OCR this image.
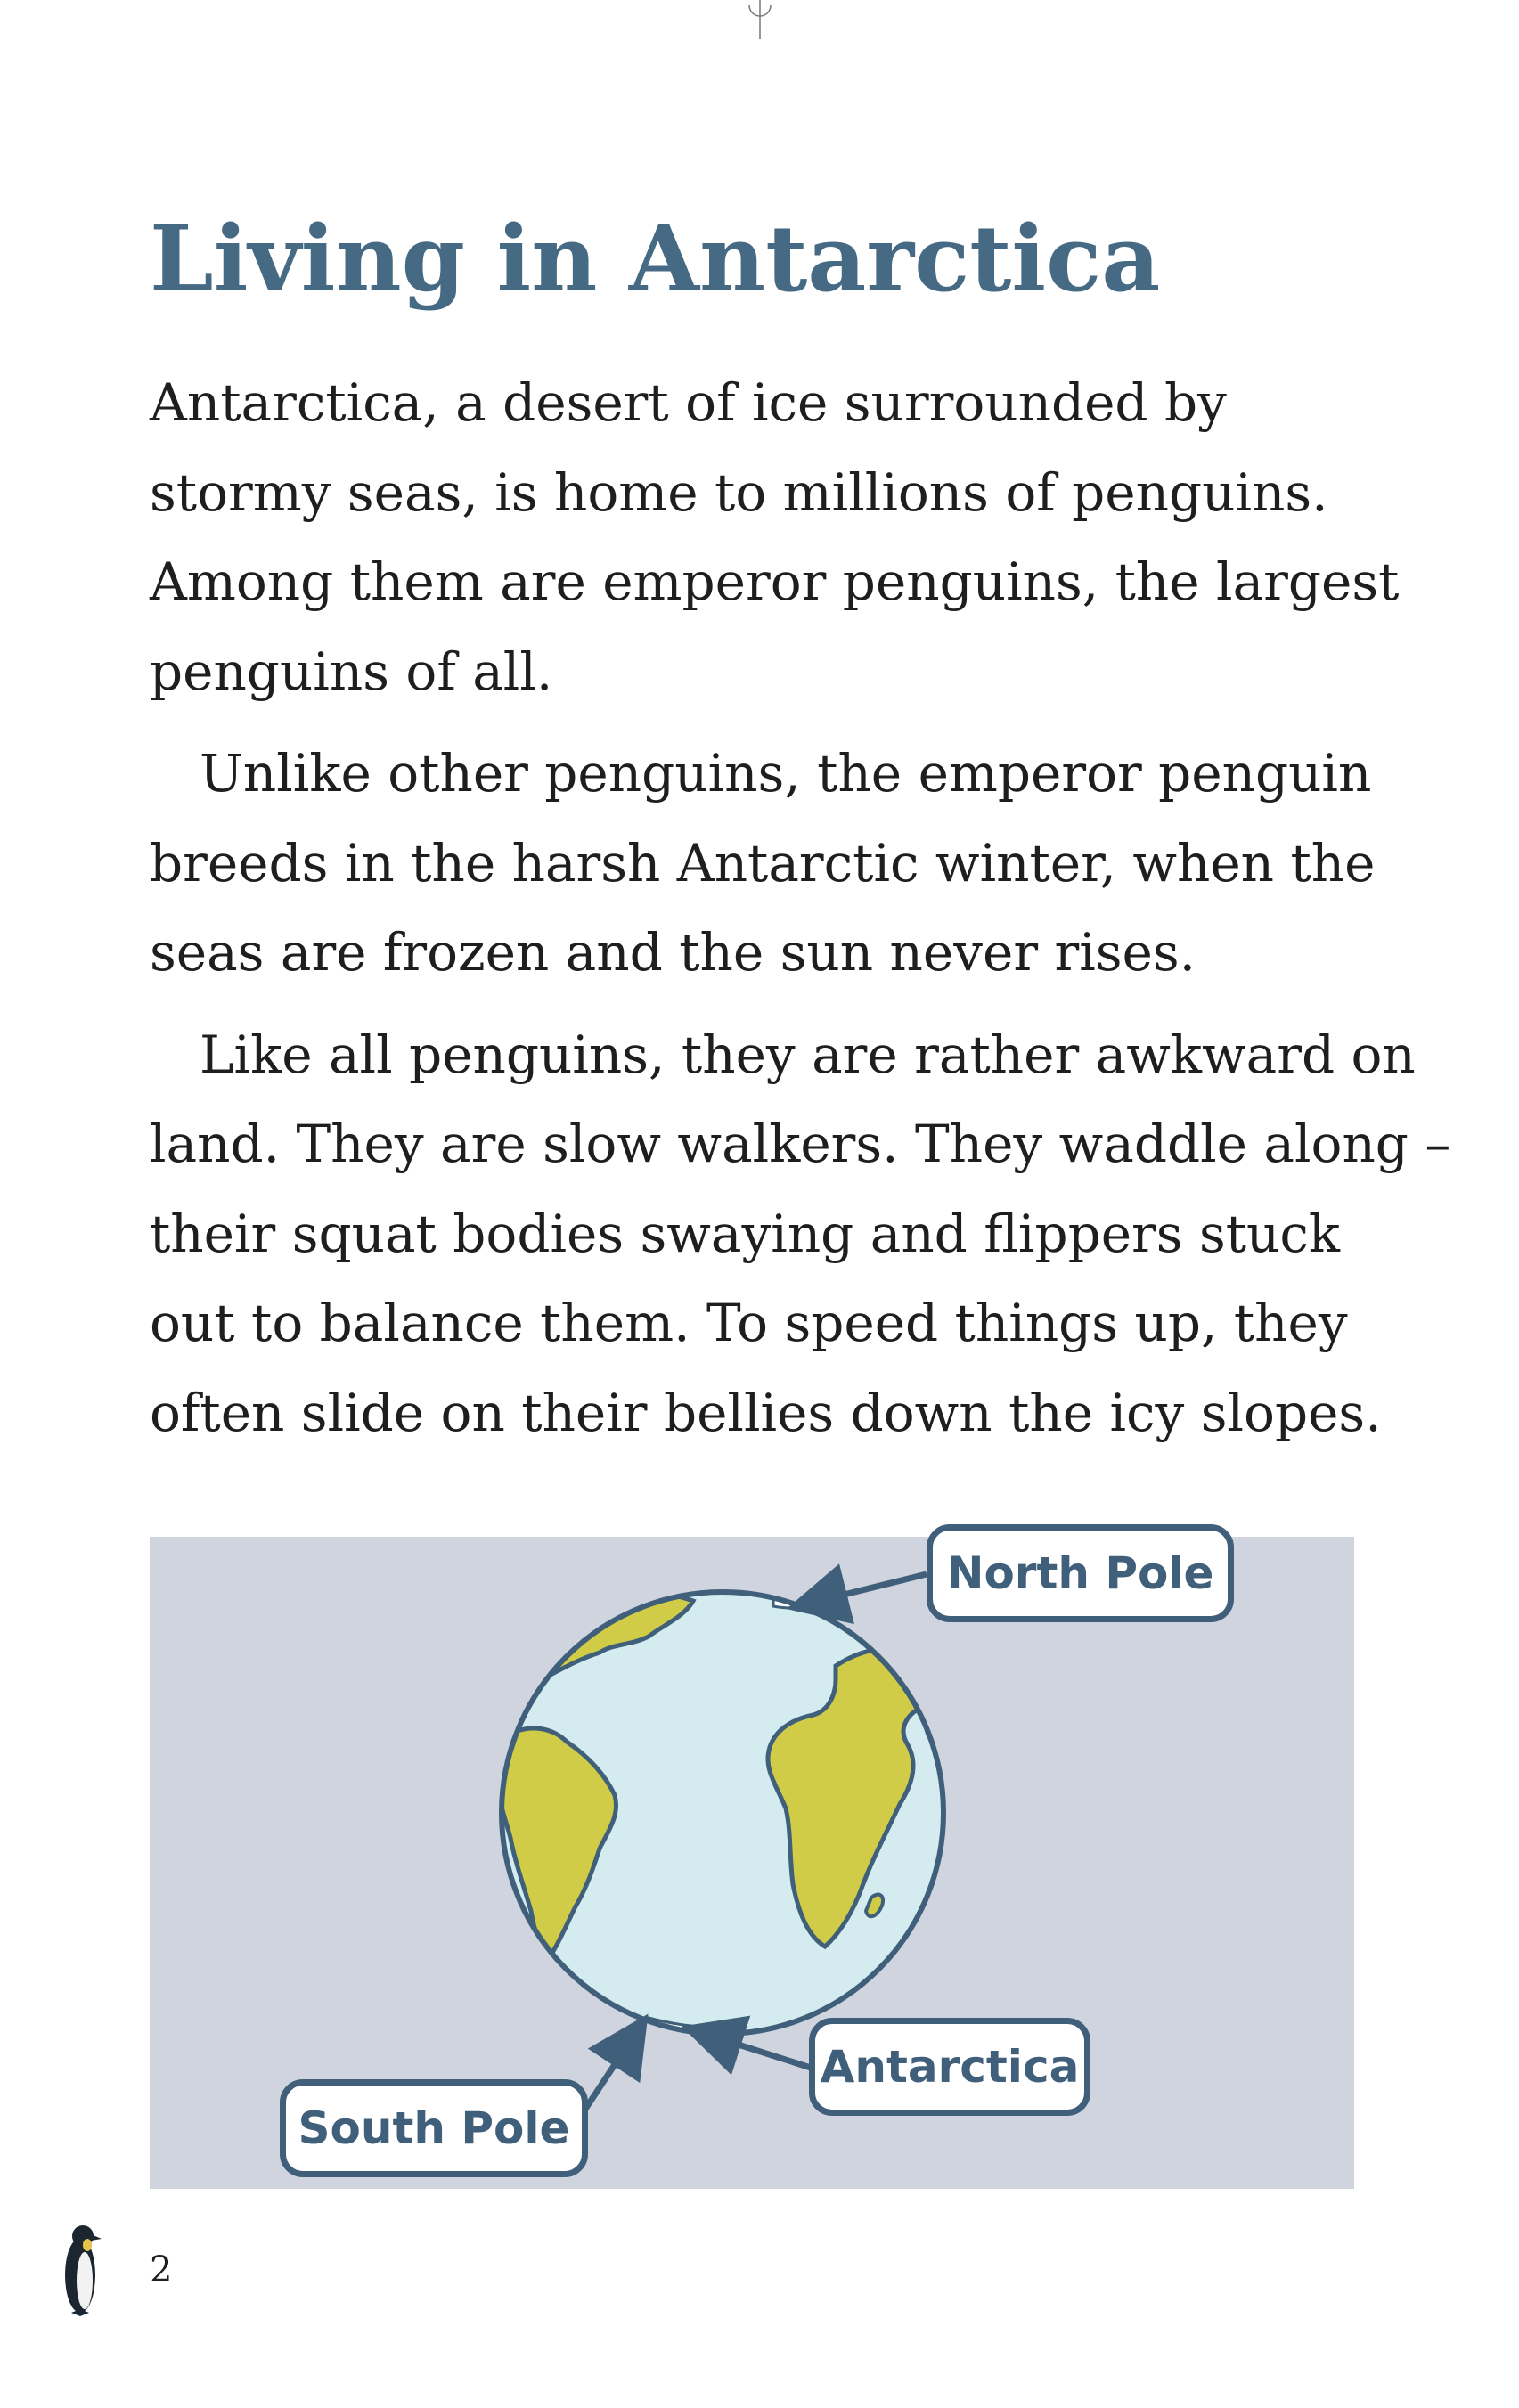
Living in Antarctica

Antarctica, a desert of ice surrounded by
stormy seas, is home to millions of penguins.
Among them are emperor penguins, the largest
penguins of all.

Unlike other penguins, the emperor penguin
breeds in the harsh Antarctic winter, when the
seas are frozen and the sun never rises.

Like all penguins, they are rather awkward on
land. They are slow walkers. They waddle along –
their squat bodies swaying and flippers stuck
out to balance them. To speed things up, they
often slide on their bellies down the icy slopes.

North Pole
Antarctica
South Pole
2
